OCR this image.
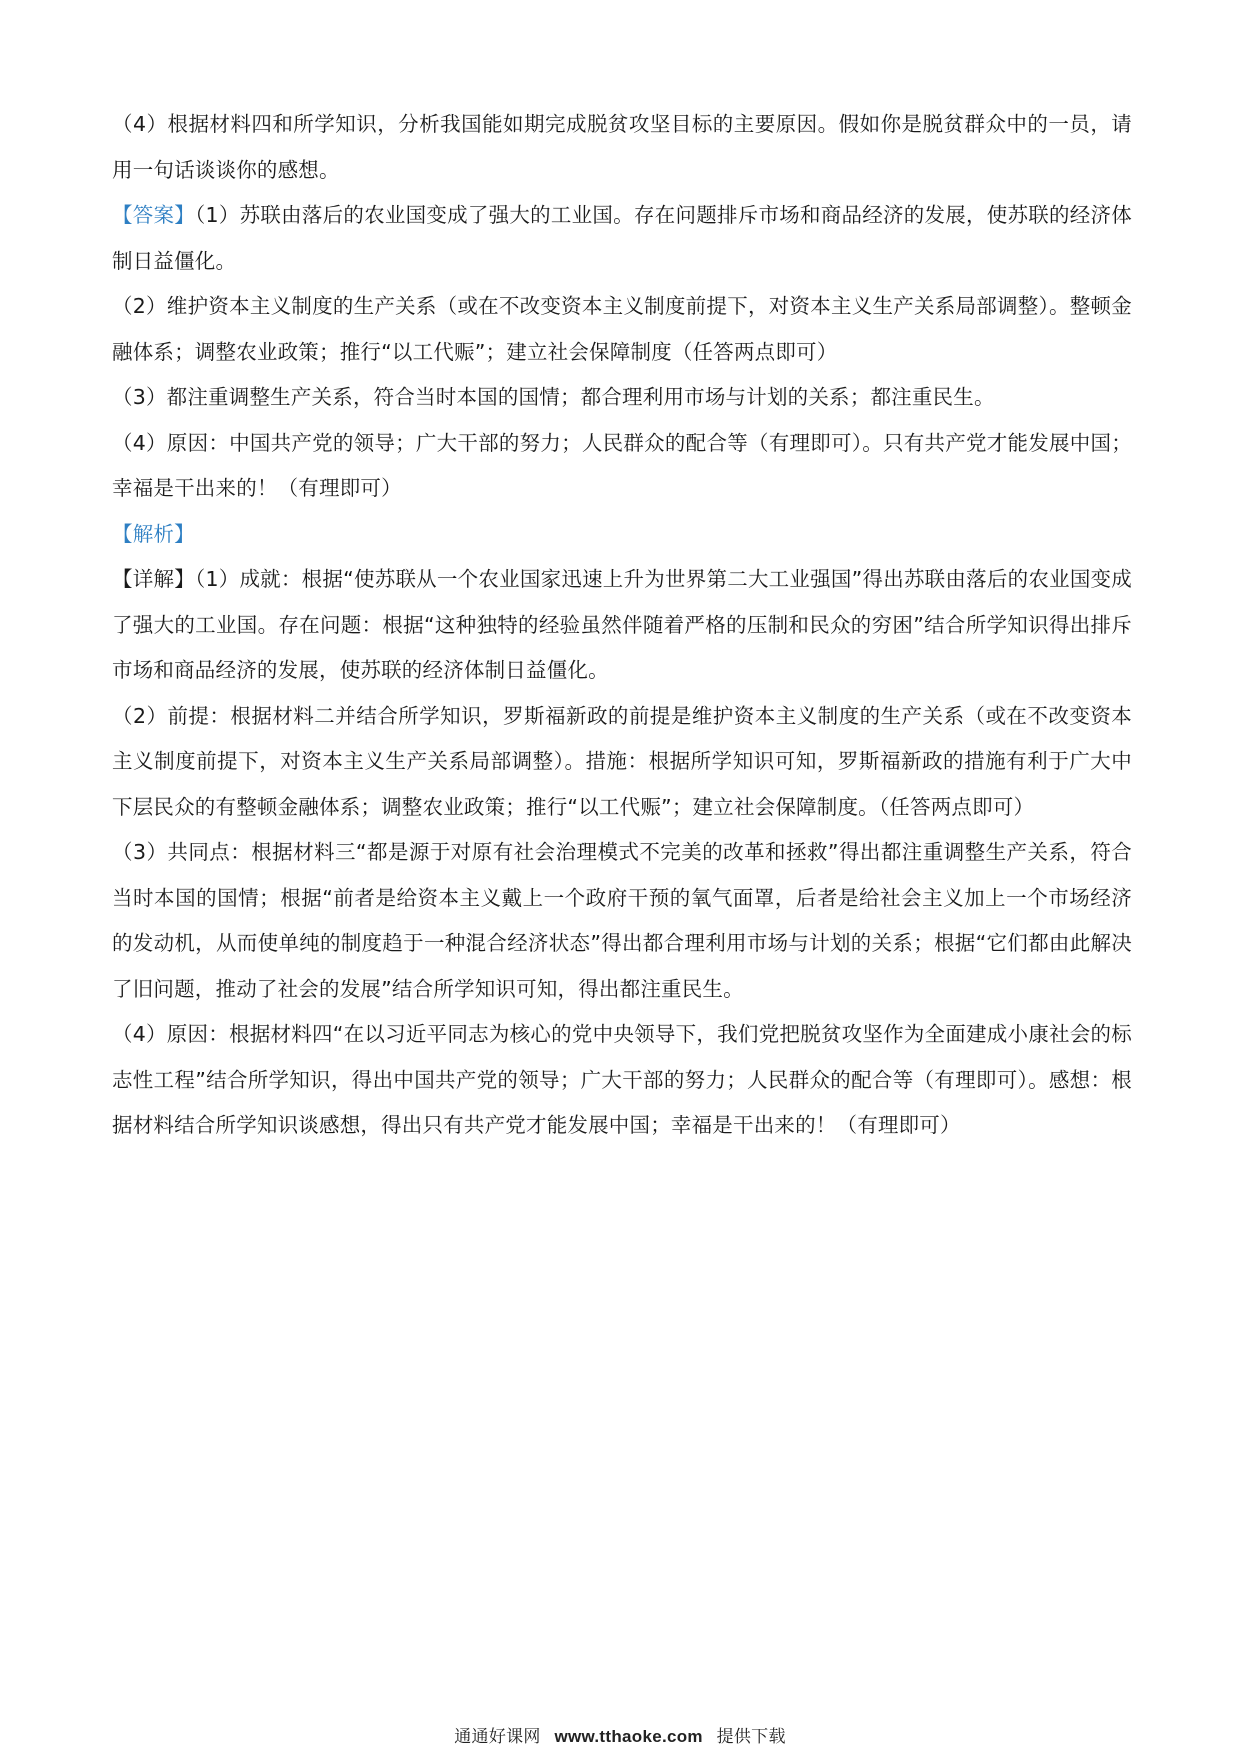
（4）根据材料四和所学知识，分析我国能如期完成脱贫攻坚目标的主要原因。假如你是脱贫群众中的一员，请用一句话谈谈你的感想。

【答案】（1）苏联由落后的农业国变成了强大的工业国。存在问题排斥市场和商品经济的发展，使苏联的经济体制日益僵化。

（2）维护资本主义制度的生产关系（或在不改变资本主义制度前提下，对资本主义生产关系局部调整）。整顿金融体系；调整农业政策；推行“以工代赈”；建立社会保障制度（任答两点即可）

（3）都注重调整生产关系，符合当时本国的国情；都合理利用市场与计划的关系；都注重民生。

（4）原因：中国共产党的领导；广大干部的努力；人民群众的配合等（有理即可）。只有共产党才能发展中国；幸福是干出来的！（有理即可）

【解析】

【详解】（1）成就：根据“使苏联从一个农业国家迅速上升为世界第二大工业强国”得出苏联由落后的农业国变成了强大的工业国。存在问题：根据“这种独特的经验虽然伴随着严格的压制和民众的穷困”结合所学知识得出排斥市场和商品经济的发展，使苏联的经济体制日益僵化。

（2）前提：根据材料二并结合所学知识，罗斯福新政的前提是维护资本主义制度的生产关系（或在不改变资本主义制度前提下，对资本主义生产关系局部调整）。措施：根据所学知识可知，罗斯福新政的措施有利于广大中下层民众的有整顿金融体系；调整农业政策；推行“以工代赈”；建立社会保障制度。（任答两点即可）

（3）共同点：根据材料三“都是源于对原有社会治理模式不完美的改革和拯救”得出都注重调整生产关系，符合当时本国的国情；根据“前者是给资本主义戴上一个政府干预的氧气面罩，后者是给社会主义加上一个市场经济的发动机，从而使单纯的制度趋于一种混合经济状态”得出都合理利用市场与计划的关系；根据“它们都由此解决了旧问题，推动了社会的发展”结合所学知识可知，得出都注重民生。

（4）原因：根据材料四“在以习近平同志为核心的党中央领导下，我们党把脱贫攻坚作为全面建成小康社会的标志性工程”结合所学知识，得出中国共产党的领导；广大干部的努力；人民群众的配合等（有理即可）。感想：根据材料结合所学知识谈感想，得出只有共产党才能发展中国；幸福是干出来的！（有理即可）

通通好课网 www.tthaoke.com 提供下载
